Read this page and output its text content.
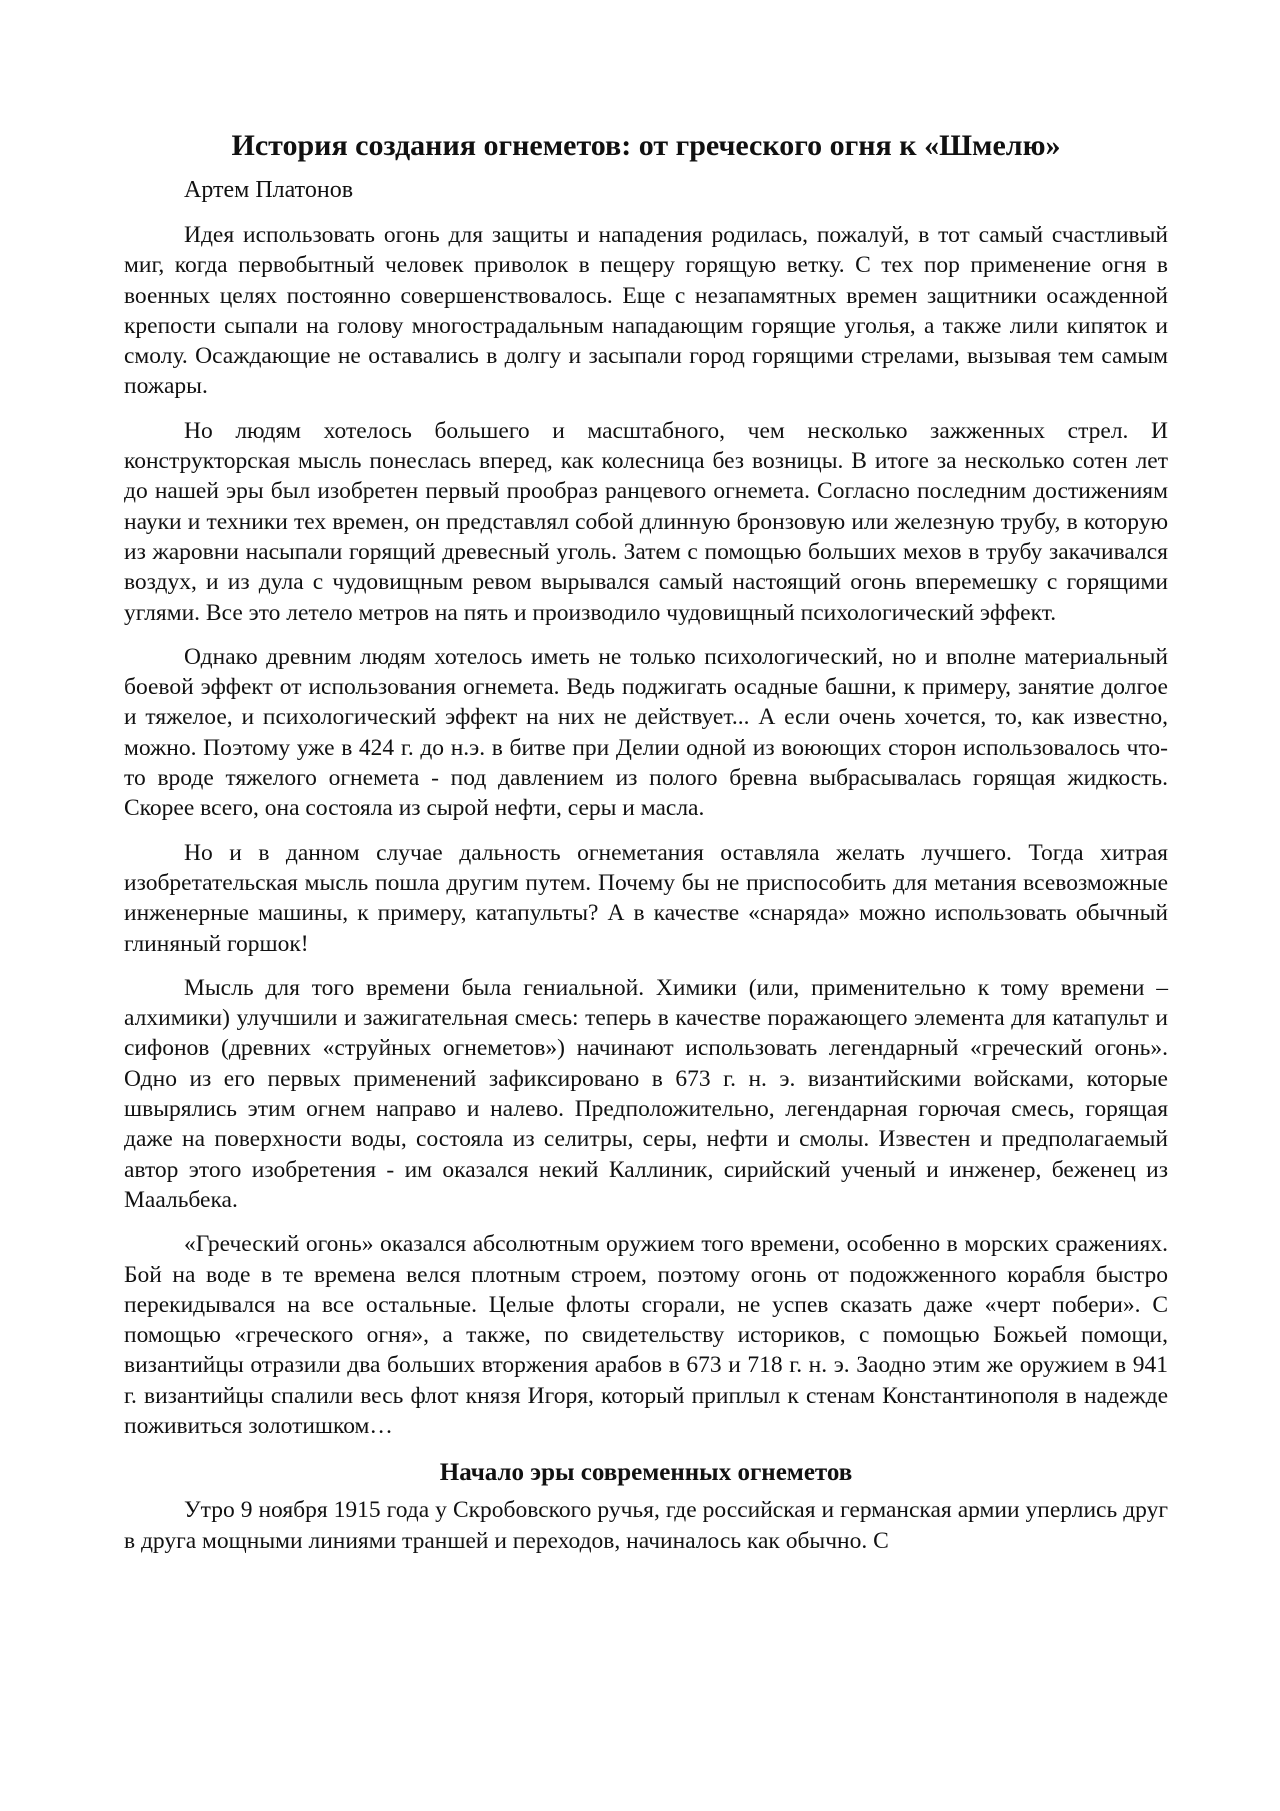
История создания огнеметов: от греческого огня к «Шмелю»

Артем Платонов

Идея использовать огонь для защиты и нападения родилась, пожалуй, в тот самый счастливый миг, когда первобытный человек приволок в пещеру горящую ветку. С тех пор применение огня в военных целях постоянно совершенствовалось. Еще с незапамятных времен защитники осажденной крепости сыпали на голову многострадальным нападающим горящие уголья, а также лили кипяток и смолу. Осаждающие не оставались в долгу и засыпали город горящими стрелами, вызывая тем самым пожары.

Но людям хотелось большего и масштабного, чем несколько зажженных стрел. И конструкторская мысль понеслась вперед, как колесница без возницы. В итоге за несколько сотен лет до нашей эры был изобретен первый прообраз ранцевого огнемета. Согласно последним достижениям науки и техники тех времен, он представлял собой длинную бронзовую или железную трубу, в которую из жаровни насыпали горящий древесный уголь. Затем с помощью больших мехов в трубу закачивался воздух, и из дула с чудовищным ревом вырывался самый настоящий огонь вперемешку с горящими углями. Все это летело метров на пять и производило чудовищный психологический эффект.

Однако древним людям хотелось иметь не только психологический, но и вполне материальный боевой эффект от использования огнемета. Ведь поджигать осадные башни, к примеру, занятие долгое и тяжелое, и психологический эффект на них не действует... А если очень хочется, то, как известно, можно. Поэтому уже в 424 г. до н.э. в битве при Делии одной из воюющих сторон использовалось что-то вроде тяжелого огнемета - под давлением из полого бревна выбрасывалась горящая жидкость. Скорее всего, она состояла из сырой нефти, серы и масла.

Но и в данном случае дальность огнеметания оставляла желать лучшего. Тогда хитрая изобретательская мысль пошла другим путем. Почему бы не приспособить для метания всевозможные инженерные машины, к примеру, катапульты? А в качестве «снаряда» можно использовать обычный глиняный горшок!

Мысль для того времени была гениальной. Химики (или, применительно к тому времени – алхимики) улучшили и зажигательная смесь: теперь в качестве поражающего элемента для катапульт и сифонов (древних «струйных огнеметов») начинают использовать легендарный «греческий огонь». Одно из его первых применений зафиксировано в 673 г. н. э. византийскими войсками, которые швырялись этим огнем направо и налево. Предположительно, легендарная горючая смесь, горящая даже на поверхности воды, состояла из селитры, серы, нефти и смолы. Известен и предполагаемый автор этого изобретения - им оказался некий Каллиник, сирийский ученый и инженер, беженец из Маальбека.

«Греческий огонь» оказался абсолютным оружием того времени, особенно в морских сражениях. Бой на воде в те времена велся плотным строем, поэтому огонь от подожженного корабля быстро перекидывался на все остальные. Целые флоты сгорали, не успев сказать даже «черт побери». С помощью «греческого огня», а также, по свидетельству историков, с помощью Божьей помощи, византийцы отразили два больших вторжения арабов в 673 и 718 г. н. э. Заодно этим же оружием в 941 г. византийцы спалили весь флот князя Игоря, который приплыл к стенам Константинополя в надежде поживиться золотишком…

Начало эры современных огнеметов

Утро 9 ноября 1915 года у Скробовского ручья, где российская и германская армии уперлись друг в друга мощными линиями траншей и переходов, начиналось как обычно. С
